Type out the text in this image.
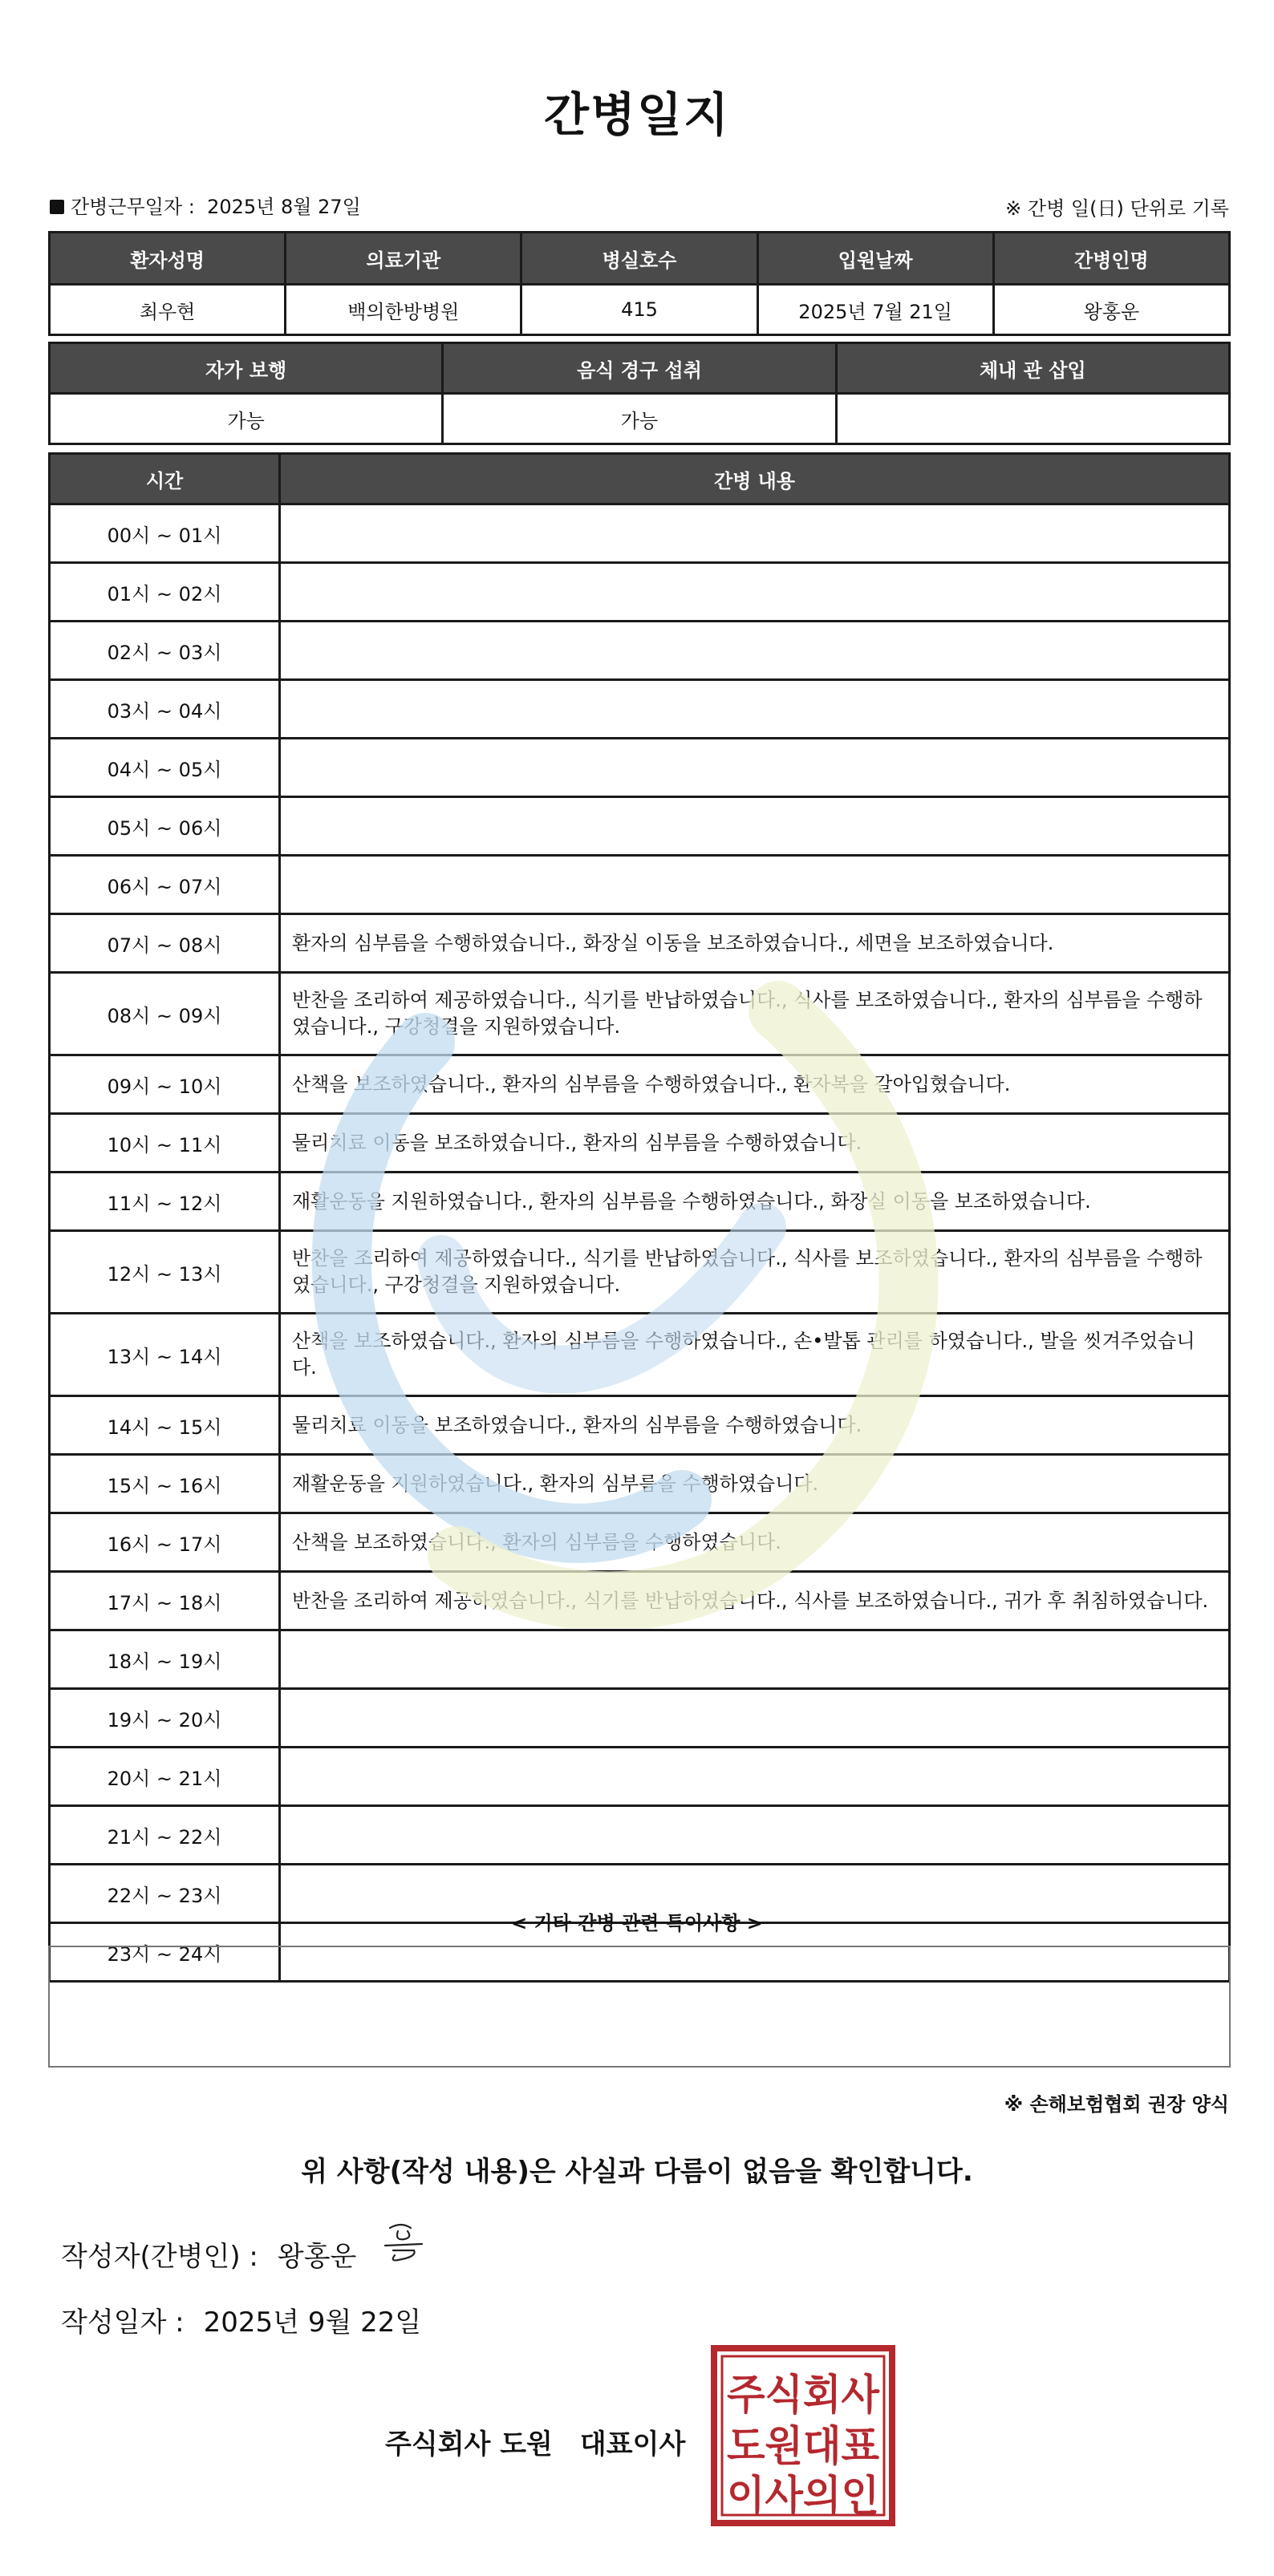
간병일지
간병근무일자 : 2025년 8월 27일	※ 간병 일(日) 단위로 기록
환자성명	의료기관	병실호수	입원날짜	간병인명
최우현	백의한방병원	415	2025년 7월 21일	왕홍운
자가 보행	음식 경구 섭취	체내 관 삽입
가능	가능	
시간	간병 내용
00시 ~ 01시	
01시 ~ 02시	
02시 ~ 03시	
03시 ~ 04시	
04시 ~ 05시	
05시 ~ 06시	
06시 ~ 07시	
07시 ~ 08시	환자의 심부름을 수행하였습니다., 화장실 이동을 보조하였습니다., 세면을 보조하였습니다.
08시 ~ 09시	반찬을 조리하여 제공하였습니다., 식기를 반납하였습니다., 식사를 보조하였습니다., 환자의 심부름을 수행하였습니다., 구강청결을 지원하였습니다.
09시 ~ 10시	산책을 보조하였습니다., 환자의 심부름을 수행하였습니다., 환자복을 갈아입혔습니다.
10시 ~ 11시	물리치료 이동을 보조하였습니다., 환자의 심부름을 수행하였습니다.
11시 ~ 12시	재활운동을 지원하였습니다., 환자의 심부름을 수행하였습니다., 화장실 이동을 보조하였습니다.
12시 ~ 13시	반찬을 조리하여 제공하였습니다., 식기를 반납하였습니다., 식사를 보조하였습니다., 환자의 심부름을 수행하였습니다., 구강청결을 지원하였습니다.
13시 ~ 14시	산책을 보조하였습니다., 환자의 심부름을 수행하였습니다., 손•발톱 관리를 하였습니다., 발을 씻겨주었습니다.
14시 ~ 15시	물리치료 이동을 보조하였습니다., 환자의 심부름을 수행하였습니다.
15시 ~ 16시	재활운동을 지원하였습니다., 환자의 심부름을 수행하였습니다.
16시 ~ 17시	산책을 보조하였습니다., 환자의 심부름을 수행하였습니다.
17시 ~ 18시	반찬을 조리하여 제공하였습니다., 식기를 반납하였습니다., 식사를 보조하였습니다., 귀가 후 취침하였습니다.
18시 ~ 19시	
19시 ~ 20시	
20시 ~ 21시	
21시 ~ 22시	
22시 ~ 23시	
23시 ~ 24시	
< 기타 간병 관련 특이사항 >
※ 손해보험협회 권장 양식
위 사항(작성 내용)은 사실과 다름이 없음을 확인합니다.
작성자(간병인) : 왕홍운
작성일자 : 2025년 9월 22일
주식회사 도원 대표이사
주식회사
도원대표
이사의인
